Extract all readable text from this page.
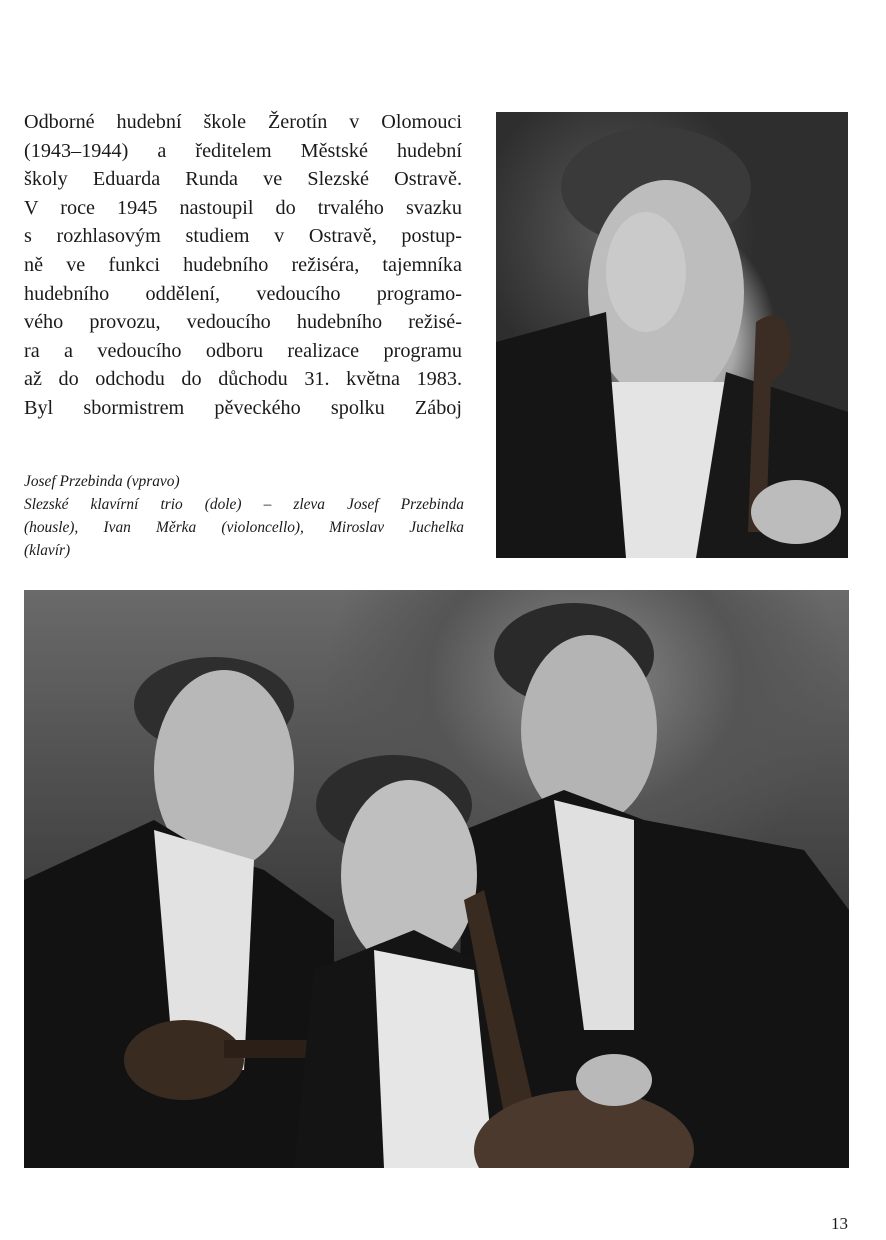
Odborné hudební škole Žerotín v Olomouci
(1943–1944) a ředitelem Městské hudební
školy Eduarda Runda ve Slezské Ostravě.
V roce 1945 nastoupil do trvalého svazku
s rozhlasovým studiem v Ostravě, postup-
ně ve funkci hudebního režiséra, tajemníka
hudebního oddělení, vedoucího programo-
vého provozu, vedoucího hudebního režisé-
ra a vedoucího odboru realizace programu
až do odchodu do důchodu 31. května 1983.
Byl sbormistrem pěveckého spolku Záboj
Josef Przebinda (vpravo)
Slezské klavírní trio (dole) – zleva Josef Przebinda
(housle), Ivan Měrka (violoncello), Miroslav Juchelka
(klavír)

13
